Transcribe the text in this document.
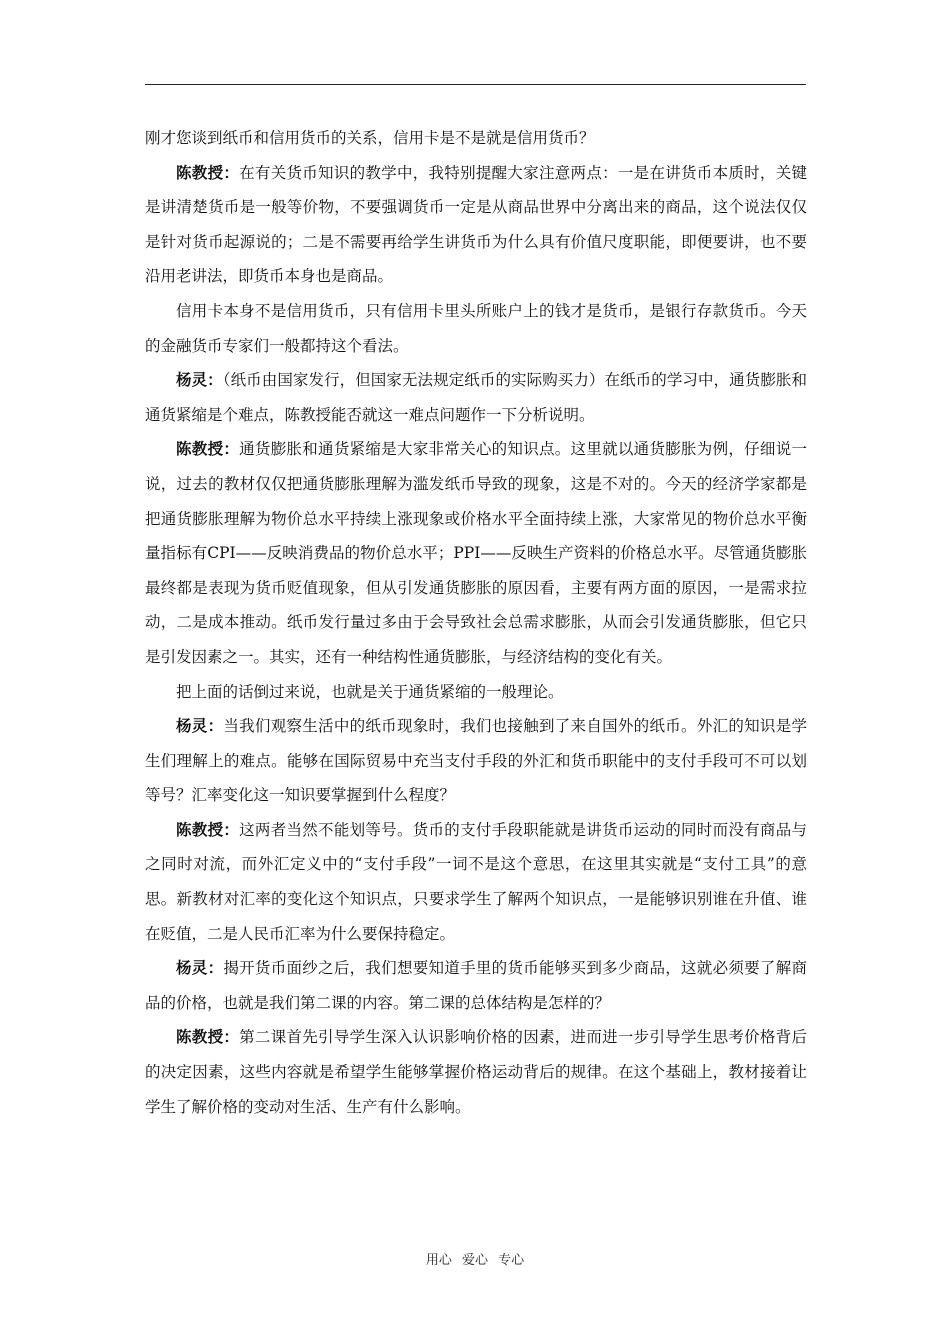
刚才您谈到纸币和信用货币的关系，信用卡是不是就是信用货币？

陈教授：在有关货币知识的教学中，我特别提醒大家注意两点：一是在讲货币本质时，关键是讲清楚货币是一般等价物，不要强调货币一定是从商品世界中分离出来的商品，这个说法仅仅是针对货币起源说的；二是不需要再给学生讲货币为什么具有价值尺度职能，即便要讲，也不要沿用老讲法，即货币本身也是商品。

信用卡本身不是信用货币，只有信用卡里头所账户上的钱才是货币，是银行存款货币。今天的金融货币专家们一般都持这个看法。

杨灵：（纸币由国家发行，但国家无法规定纸币的实际购买力）在纸币的学习中，通货膨胀和通货紧缩是个难点，陈教授能否就这一难点问题作一下分析说明。

陈教授：通货膨胀和通货紧缩是大家非常关心的知识点。这里就以通货膨胀为例，仔细说一说，过去的教材仅仅把通货膨胀理解为滥发纸币导致的现象，这是不对的。今天的经济学家都是把通货膨胀理解为物价总水平持续上涨现象或价格水平全面持续上涨，大家常见的物价总水平衡量指标有CPI——反映消费品的物价总水平；PPI——反映生产资料的价格总水平。尽管通货膨胀最终都是表现为货币贬值现象，但从引发通货膨胀的原因看，主要有两方面的原因，一是需求拉动，二是成本推动。纸币发行量过多由于会导致社会总需求膨胀，从而会引发通货膨胀，但它只是引发因素之一。其实，还有一种结构性通货膨胀，与经济结构的变化有关。

把上面的话倒过来说，也就是关于通货紧缩的一般理论。

杨灵：当我们观察生活中的纸币现象时，我们也接触到了来自国外的纸币。外汇的知识是学生们理解上的难点。能够在国际贸易中充当支付手段的外汇和货币职能中的支付手段可不可以划等号？汇率变化这一知识要掌握到什么程度？

陈教授：这两者当然不能划等号。货币的支付手段职能就是讲货币运动的同时而没有商品与之同时对流，而外汇定义中的“支付手段”一词不是这个意思，在这里其实就是“支付工具”的意思。新教材对汇率的变化这个知识点，只要求学生了解两个知识点，一是能够识别谁在升值、谁在贬值，二是人民币汇率为什么要保持稳定。

杨灵：揭开货币面纱之后，我们想要知道手里的货币能够买到多少商品，这就必须要了解商品的价格，也就是我们第二课的内容。第二课的总体结构是怎样的？

陈教授：第二课首先引导学生深入认识影响价格的因素，进而进一步引导学生思考价格背后的决定因素，这些内容就是希望学生能够掌握价格运动背后的规律。在这个基础上，教材接着让学生了解价格的变动对生活、生产有什么影响。

用心 爱心 专心
